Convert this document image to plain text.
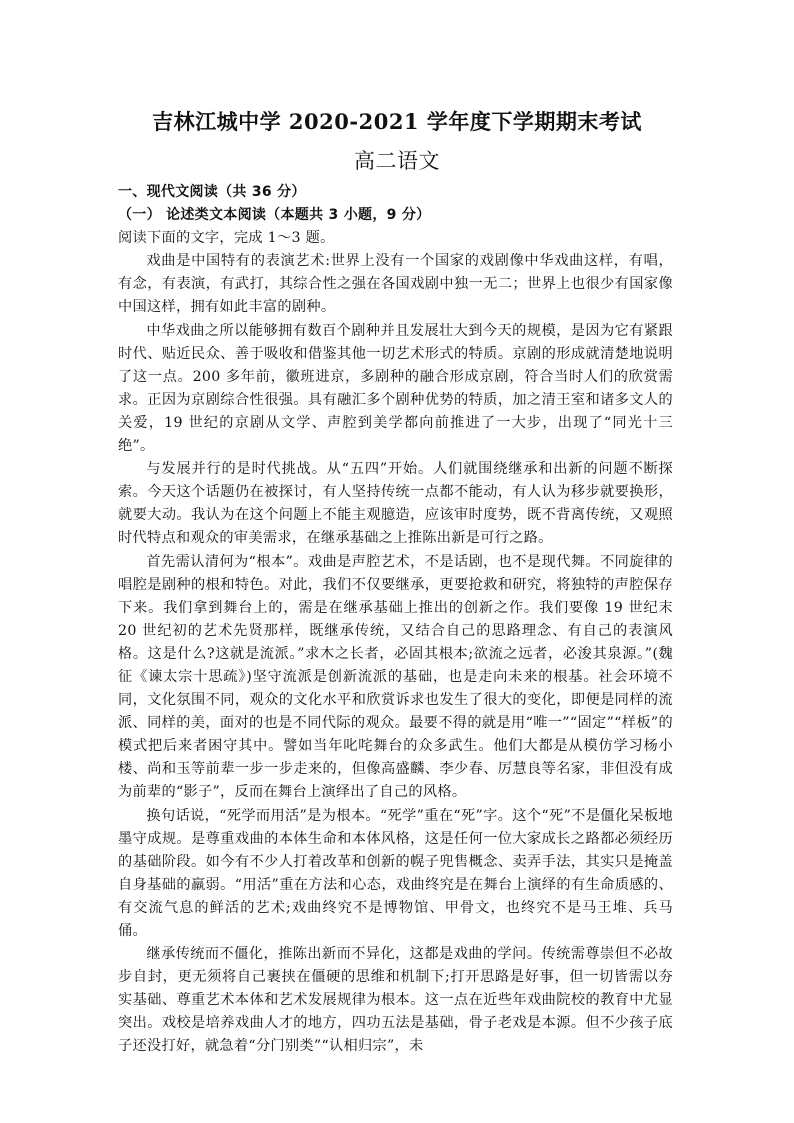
吉林江城中学 2020-2021 学年度下学期期末考试
高二语文

一、现代文阅读（共 36 分）

（一） 论述类文本阅读（本题共 3 小题，9 分）

阅读下面的文字，完成 1～3 题。

戏曲是中国特有的表演艺术:世界上没有一个国家的戏剧像中华戏曲这样，有唱，有念，有表演，有武打，其综合性之强在各国戏剧中独一无二；世界上也很少有国家像中国这样，拥有如此丰富的剧种。

中华戏曲之所以能够拥有数百个剧种并且发展壮大到今天的规模，是因为它有紧跟时代、贴近民众、善于吸收和借鉴其他一切艺术形式的特质。京剧的形成就清楚地说明了这一点。200 多年前，徽班进京，多剧种的融合形成京剧，符合当时人们的欣赏需求。正因为京剧综合性很强。具有融汇多个剧种优势的特质，加之清王室和诸多文人的关爱，19 世纪的京剧从文学、声腔到美学都向前推进了一大步，出现了“同光十三绝”。

与发展并行的是时代挑战。从“五四”开始。人们就围绕继承和出新的问题不断探索。今天这个话题仍在被探讨，有人坚持传统一点都不能动，有人认为移步就要换形，就要大动。我认为在这个问题上不能主观臆造，应该审时度势，既不背离传统，又观照时代特点和观众的审美需求，在继承基础之上推陈出新是可行之路。

首先需认清何为“根本”。戏曲是声腔艺术，不是话剧，也不是现代舞。不同旋律的唱腔是剧种的根和特色。对此，我们不仅要继承，更要抢救和研究，将独特的声腔保存下来。我们拿到舞台上的，需是在继承基础上推出的创新之作。我们要像 19 世纪末 20 世纪初的艺术先贤那样，既继承传统，又结合自己的思路理念、有自己的表演风格。这是什么?这就是流派。”求木之长者，必固其根本;欲流之远者，必浚其泉源。”(魏征《谏太宗十思疏》)坚守流派是创新流派的基础，也是走向未来的根基。社会环境不同，文化氛围不同，观众的文化水平和欣赏诉求也发生了很大的变化，即便是同样的流派、同样的美，面对的也是不同代际的观众。最要不得的就是用“唯一”“固定”“样板”的模式把后来者困守其中。譬如当年叱咤舞台的众多武生。他们大都是从模仿学习杨小楼、尚和玉等前辈一步一步走来的，但像高盛麟、李少春、厉慧良等名家，非但没有成为前辈的“影子”，反而在舞台上演绎出了自己的风格。

换句话说，“死学而用活”是为根本。“死学”重在“死”字。这个“死”不是僵化呆板地墨守成规。是尊重戏曲的本体生命和本体风格，这是任何一位大家成长之路都必须经历的基础阶段。如今有不少人打着改革和创新的幌子兜售概念、卖弄手法，其实只是掩盖自身基础的羸弱。“用活”重在方法和心态，戏曲终究是在舞台上演绎的有生命质感的、有交流气息的鲜活的艺术;戏曲终究不是博物馆、甲骨文，也终究不是马王堆、兵马俑。

继承传统而不僵化，推陈出新而不异化，这都是戏曲的学问。传统需尊崇但不必故步自封，更无须将自己裹挟在僵硬的思维和机制下;打开思路是好事，但一切皆需以夯实基础、尊重艺术本体和艺术发展规律为根本。这一点在近些年戏曲院校的教育中尤显突出。戏校是培养戏曲人才的地方，四功五法是基础，骨子老戏是本源。但不少孩子底子还没打好，就急着“分门别类”“认相归宗”，未
